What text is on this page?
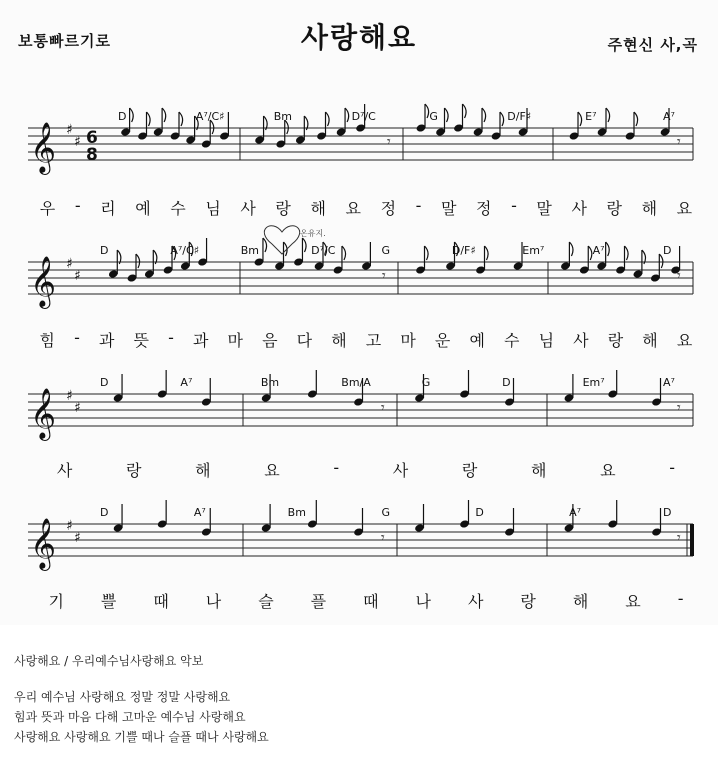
보통빠르기로	사랑해요	주현신 사,곡
𝄞 ♯
♯ 6
8
𝄾	𝄾
D	A⁷/C♯	Bm	D⁷/C	G	D/F♯	E⁷	A⁷
𝄞 ♯
♯	𝄾	𝄾
D	A⁷/C♯	Bm	D⁷/C	G	D/F♯	Em⁷	A⁷	D
𝄞 ♯
♯	𝄾	𝄾
D	A⁷	Bm	Bm/A	G	D	Em⁷	A⁷
𝄞 ♯
♯	𝄾	𝄾
D	A⁷	Bm	G	D	A⁷	D
온유지.
우 - 리 예 수 님 사 랑 해 요 정 - 말 정 - 말 사 랑 해 요
힘 - 과 뜻 - 과 마 음 다 해 고 마 운 예 수 님 사 랑 해 요
사	랑	해	요	-	사	랑	해	요	-
기 쁠 때 나 슬 플 때 나 사 랑 해 요 -
사랑해요 / 우리예수님사랑해요 악보
우리 예수님 사랑해요 정말 정말 사랑해요
힘과 뜻과 마음 다해 고마운 예수님 사랑해요
사랑해요 사랑해요 기쁠 때나 슬플 때나 사랑해요
